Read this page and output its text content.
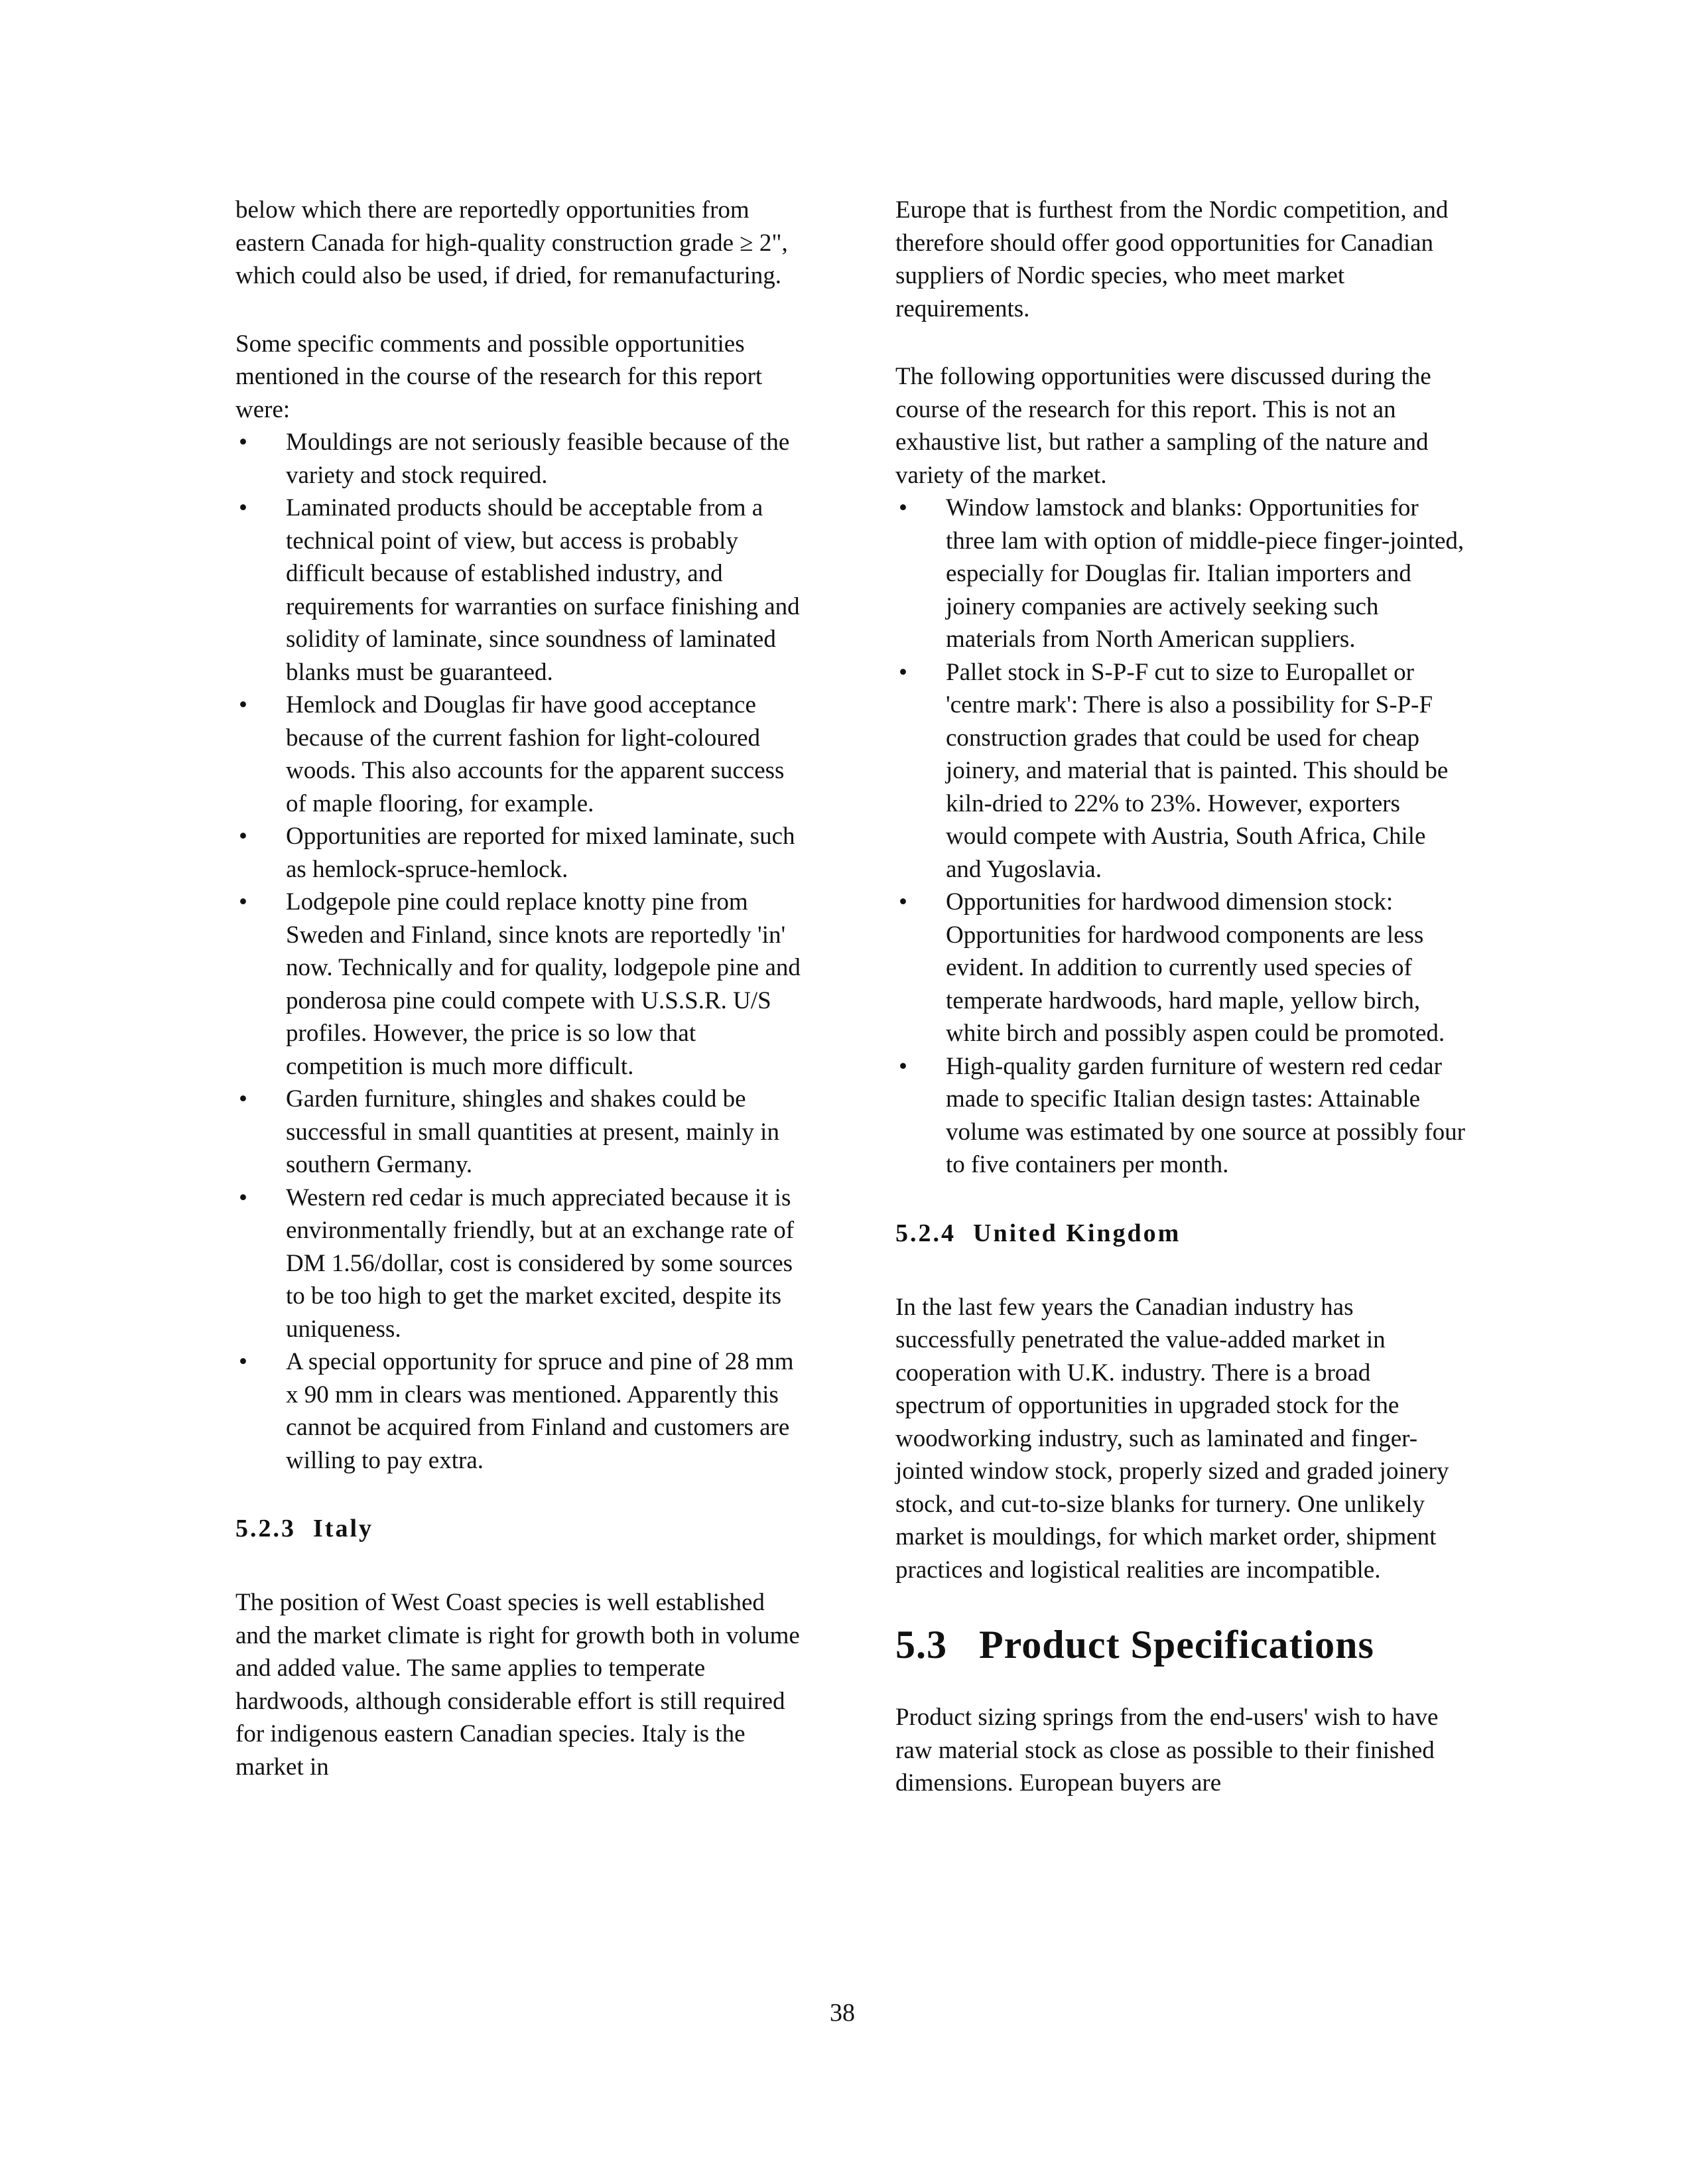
below which there are reportedly opportunities from eastern Canada for high-quality construction grade ≥ 2", which could also be used, if dried, for remanufacturing.

Some specific comments and possible opportunities mentioned in the course of the research for this report were:

• Mouldings are not seriously feasible because of the variety and stock required.
• Laminated products should be acceptable from a technical point of view, but access is probably difficult because of established industry, and requirements for warranties on surface finishing and solidity of laminate, since soundness of laminated blanks must be guaranteed.
• Hemlock and Douglas fir have good acceptance because of the current fashion for light-coloured woods. This also accounts for the apparent success of maple flooring, for example.
• Opportunities are reported for mixed laminate, such as hemlock-spruce-hemlock.
• Lodgepole pine could replace knotty pine from Sweden and Finland, since knots are reportedly 'in' now. Technically and for quality, lodgepole pine and ponderosa pine could compete with U.S.S.R. U/S profiles. However, the price is so low that competition is much more difficult.
• Garden furniture, shingles and shakes could be successful in small quantities at present, mainly in southern Germany.
• Western red cedar is much appreciated because it is environmentally friendly, but at an exchange rate of DM 1.56/dollar, cost is considered by some sources to be too high to get the market excited, despite its uniqueness.
• A special opportunity for spruce and pine of 28 mm x 90 mm in clears was mentioned. Apparently this cannot be acquired from Finland and customers are willing to pay extra.
5.2.3 Italy

The position of West Coast species is well established and the market climate is right for growth both in volume and added value. The same applies to temperate hardwoods, although considerable effort is still required for indigenous eastern Canadian species. Italy is the market in

Europe that is furthest from the Nordic competition, and therefore should offer good opportunities for Canadian suppliers of Nordic species, who meet market requirements.

The following opportunities were discussed during the course of the research for this report. This is not an exhaustive list, but rather a sampling of the nature and variety of the market.

• Window lamstock and blanks: Opportunities for three lam with option of middle-piece finger-jointed, especially for Douglas fir. Italian importers and joinery companies are actively seeking such materials from North American suppliers.
• Pallet stock in S-P-F cut to size to Europallet or 'centre mark': There is also a possibility for S-P-F construction grades that could be used for cheap joinery, and material that is painted. This should be kiln-dried to 22% to 23%. However, exporters would compete with Austria, South Africa, Chile and Yugoslavia.
• Opportunities for hardwood dimension stock: Opportunities for hardwood components are less evident. In addition to currently used species of temperate hardwoods, hard maple, yellow birch, white birch and possibly aspen could be promoted.
• High-quality garden furniture of western red cedar made to specific Italian design tastes: Attainable volume was estimated by one source at possibly four to five containers per month.
5.2.4 United Kingdom

In the last few years the Canadian industry has successfully penetrated the value-added market in cooperation with U.K. industry. There is a broad spectrum of opportunities in upgraded stock for the woodworking industry, such as laminated and finger-jointed window stock, properly sized and graded joinery stock, and cut-to-size blanks for turnery. One unlikely market is mouldings, for which market order, shipment practices and logistical realities are incompatible.

5.3 Product Specifications

Product sizing springs from the end-users' wish to have raw material stock as close as possible to their finished dimensions. European buyers are

38
